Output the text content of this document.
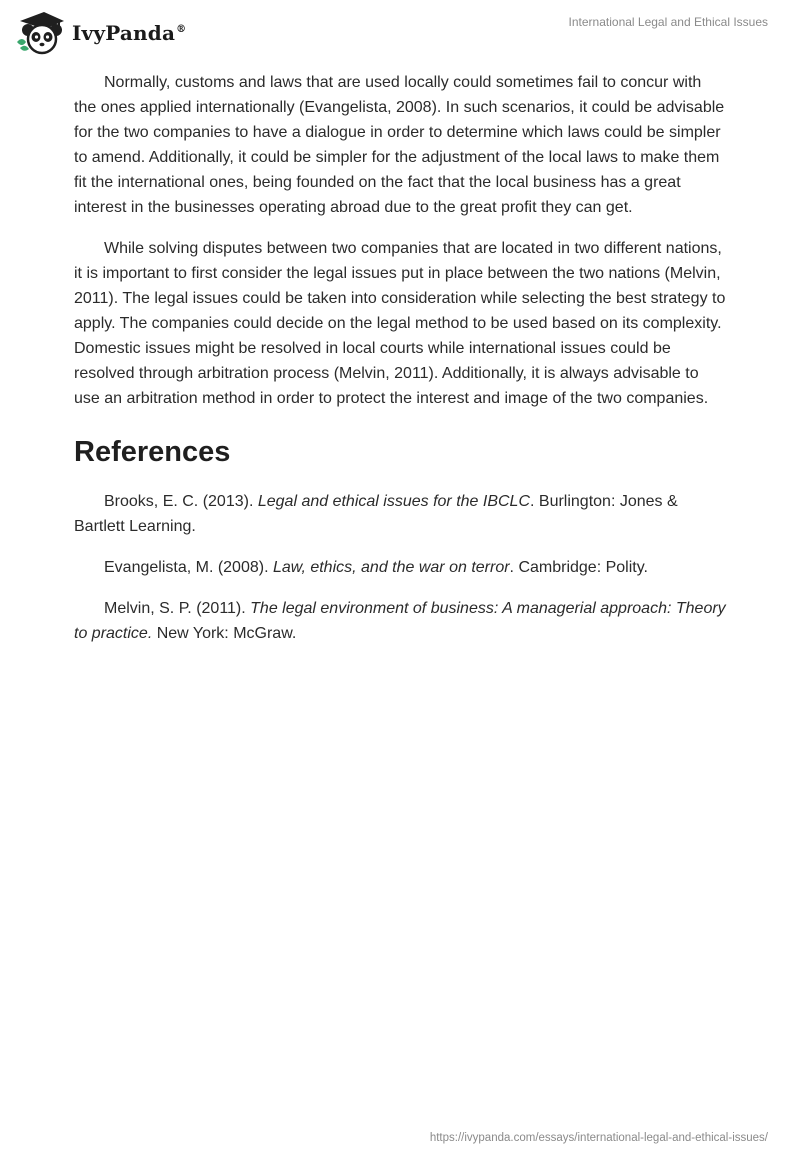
IvyPanda®
International Legal and Ethical Issues

Normally, customs and laws that are used locally could sometimes fail to concur with the ones applied internationally (Evangelista, 2008). In such scenarios, it could be advisable for the two companies to have a dialogue in order to determine which laws could be simpler to amend. Additionally, it could be simpler for the adjustment of the local laws to make them fit the international ones, being founded on the fact that the local business has a great interest in the businesses operating abroad due to the great profit they can get.

While solving disputes between two companies that are located in two different nations, it is important to first consider the legal issues put in place between the two nations (Melvin, 2011). The legal issues could be taken into consideration while selecting the best strategy to apply. The companies could decide on the legal method to be used based on its complexity. Domestic issues might be resolved in local courts while international issues could be resolved through arbitration process (Melvin, 2011). Additionally, it is always advisable to use an arbitration method in order to protect the interest and image of the two companies.

References

Brooks, E. C. (2013). Legal and ethical issues for the IBCLC. Burlington: Jones & Bartlett Learning.

Evangelista, M. (2008). Law, ethics, and the war on terror. Cambridge: Polity.

Melvin, S. P. (2011). The legal environment of business: A managerial approach: Theory to practice. New York: McGraw.

https://ivypanda.com/essays/international-legal-and-ethical-issues/
